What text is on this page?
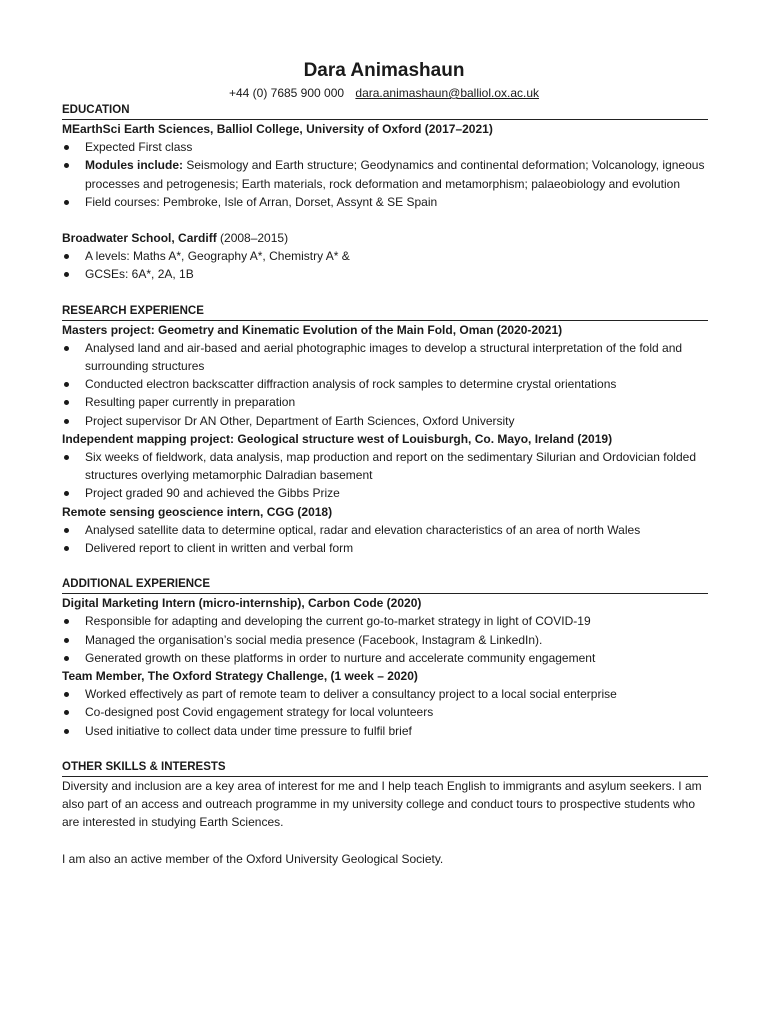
Dara Animashaun
+44 (0) 7685 900 000 dara.animashaun@balliol.ox.ac.uk
EDUCATION
MEarthSci Earth Sciences, Balliol College, University of Oxford (2017–2021)
Expected First class
Modules include: Seismology and Earth structure; Geodynamics and continental deformation; Volcanology, igneous processes and petrogenesis; Earth materials, rock deformation and metamorphism; palaeobiology and evolution
Field courses: Pembroke, Isle of Arran, Dorset, Assynt & SE Spain
Broadwater School, Cardiff (2008–2015)
A levels: Maths A*, Geography A*, Chemistry A* &
GCSEs: 6A*, 2A, 1B
RESEARCH EXPERIENCE
Masters project: Geometry and Kinematic Evolution of the Main Fold, Oman (2020-2021)
Analysed land and air-based and aerial photographic images to develop a structural interpretation of the fold and surrounding structures
Conducted electron backscatter diffraction analysis of rock samples to determine crystal orientations
Resulting paper currently in preparation
Project supervisor Dr AN Other, Department of Earth Sciences, Oxford University
Independent mapping project: Geological structure west of Louisburgh, Co. Mayo, Ireland (2019)
Six weeks of fieldwork, data analysis, map production and report on the sedimentary Silurian and Ordovician folded structures overlying metamorphic Dalradian basement
Project graded 90 and achieved the Gibbs Prize
Remote sensing geoscience intern, CGG (2018)
Analysed satellite data to determine optical, radar and elevation characteristics of an area of north Wales
Delivered report to client in written and verbal form
ADDITIONAL EXPERIENCE
Digital Marketing Intern (micro-internship), Carbon Code (2020)
Responsible for adapting and developing the current go-to-market strategy in light of COVID-19
Managed the organisation’s social media presence (Facebook, Instagram & LinkedIn).
Generated growth on these platforms in order to nurture and accelerate community engagement
Team Member, The Oxford Strategy Challenge, (1 week – 2020)
Worked effectively as part of remote team to deliver a consultancy project to a local social enterprise
Co-designed post Covid engagement strategy for local volunteers
Used initiative to collect data under time pressure to fulfil brief
OTHER SKILLS & INTERESTS
Diversity and inclusion are a key area of interest for me and I help teach English to immigrants and asylum seekers. I am also part of an access and outreach programme in my university college and conduct tours to prospective students who are interested in studying Earth Sciences.
I am also an active member of the Oxford University Geological Society.
